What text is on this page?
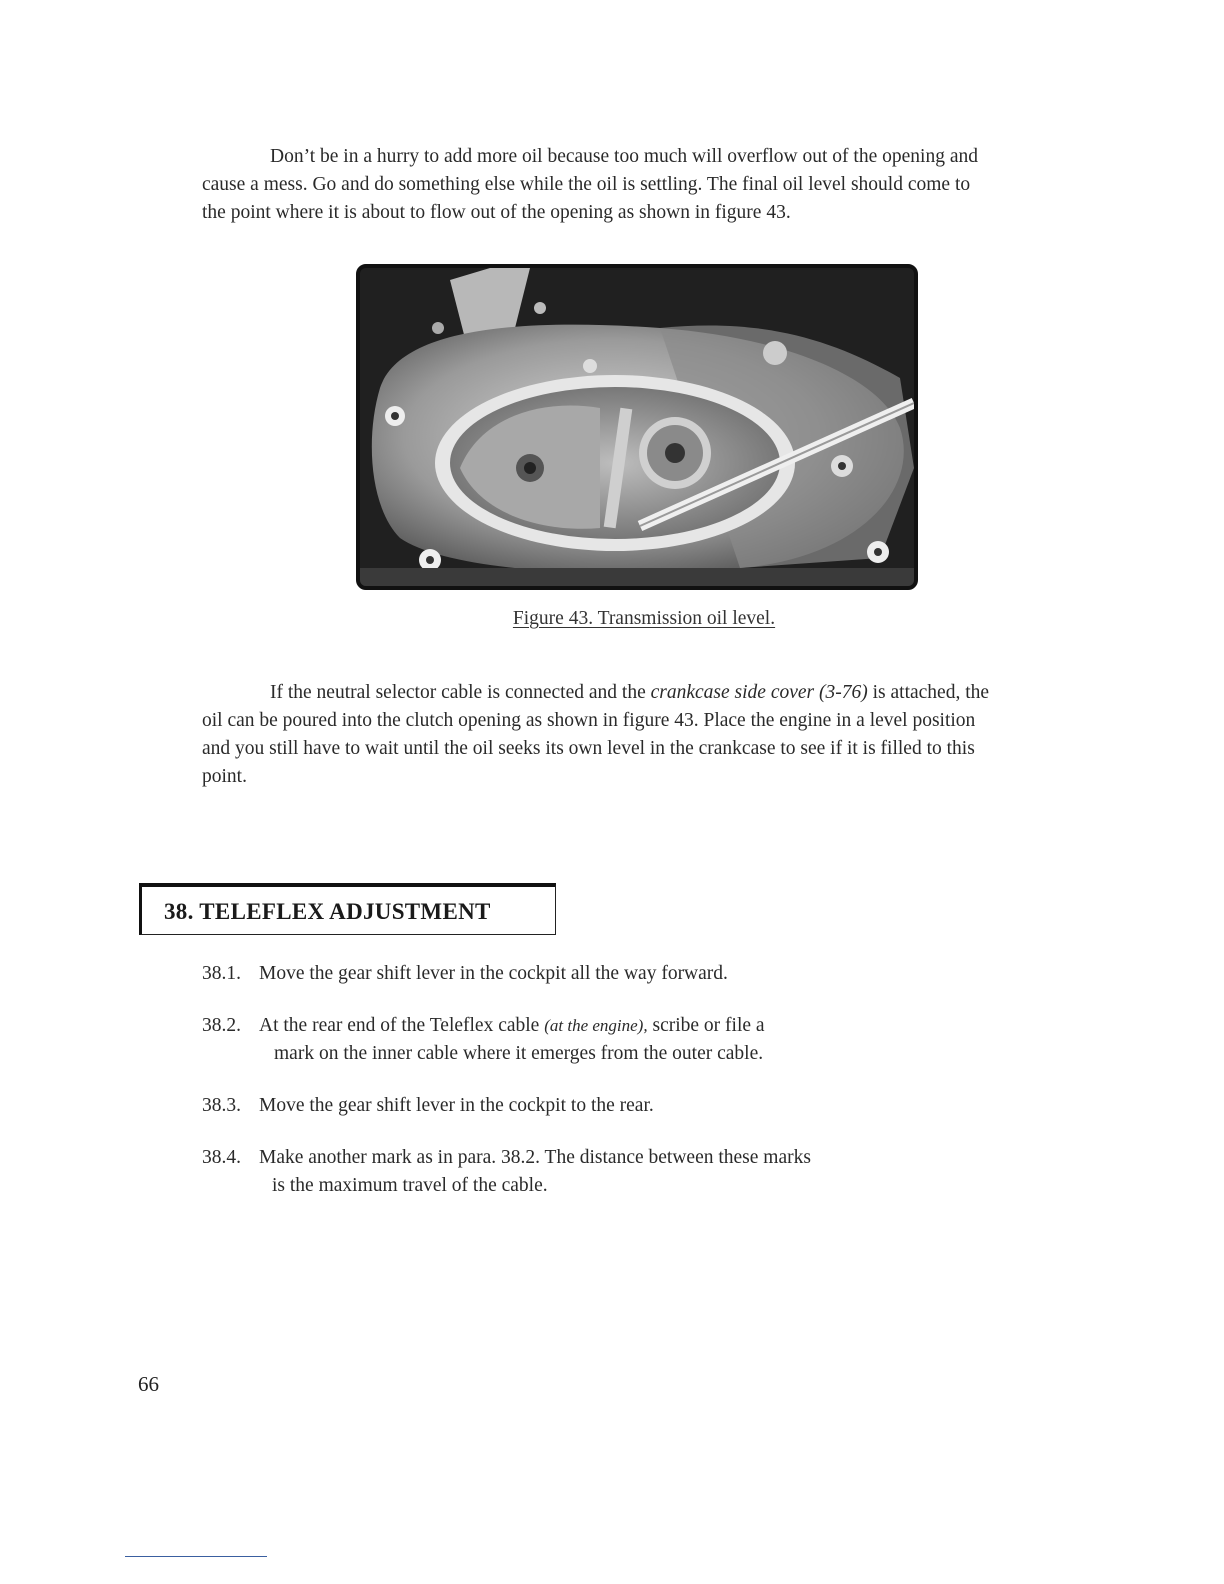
Don’t be in a hurry to add more oil because too much will overflow out of the opening and cause a mess. Go and do something else while the oil is settling. The final oil level should come to the point where it is about to flow out of the opening as shown in figure 43.

Figure 43. Transmission oil level.

If the neutral selector cable is connected and the crankcase side cover (3-76) is attached, the oil can be poured into the clutch opening as shown in figure 43. Place the engine in a level position and you still have to wait until the oil seeks its own level in the crankcase to see if it is filled to this point.

38. TELEFLEX ADJUSTMENT
38.1. Move the gear shift lever in the cockpit all the way forward.
38.2. At the rear end of the Teleflex cable (at the engine), scribe or file a
mark on the inner cable where it emerges from the outer cable.
38.3. Move the gear shift lever in the cockpit to the rear.
38.4. Make another mark as in para. 38.2. The distance between these marks
is the maximum travel of the cable.
66
